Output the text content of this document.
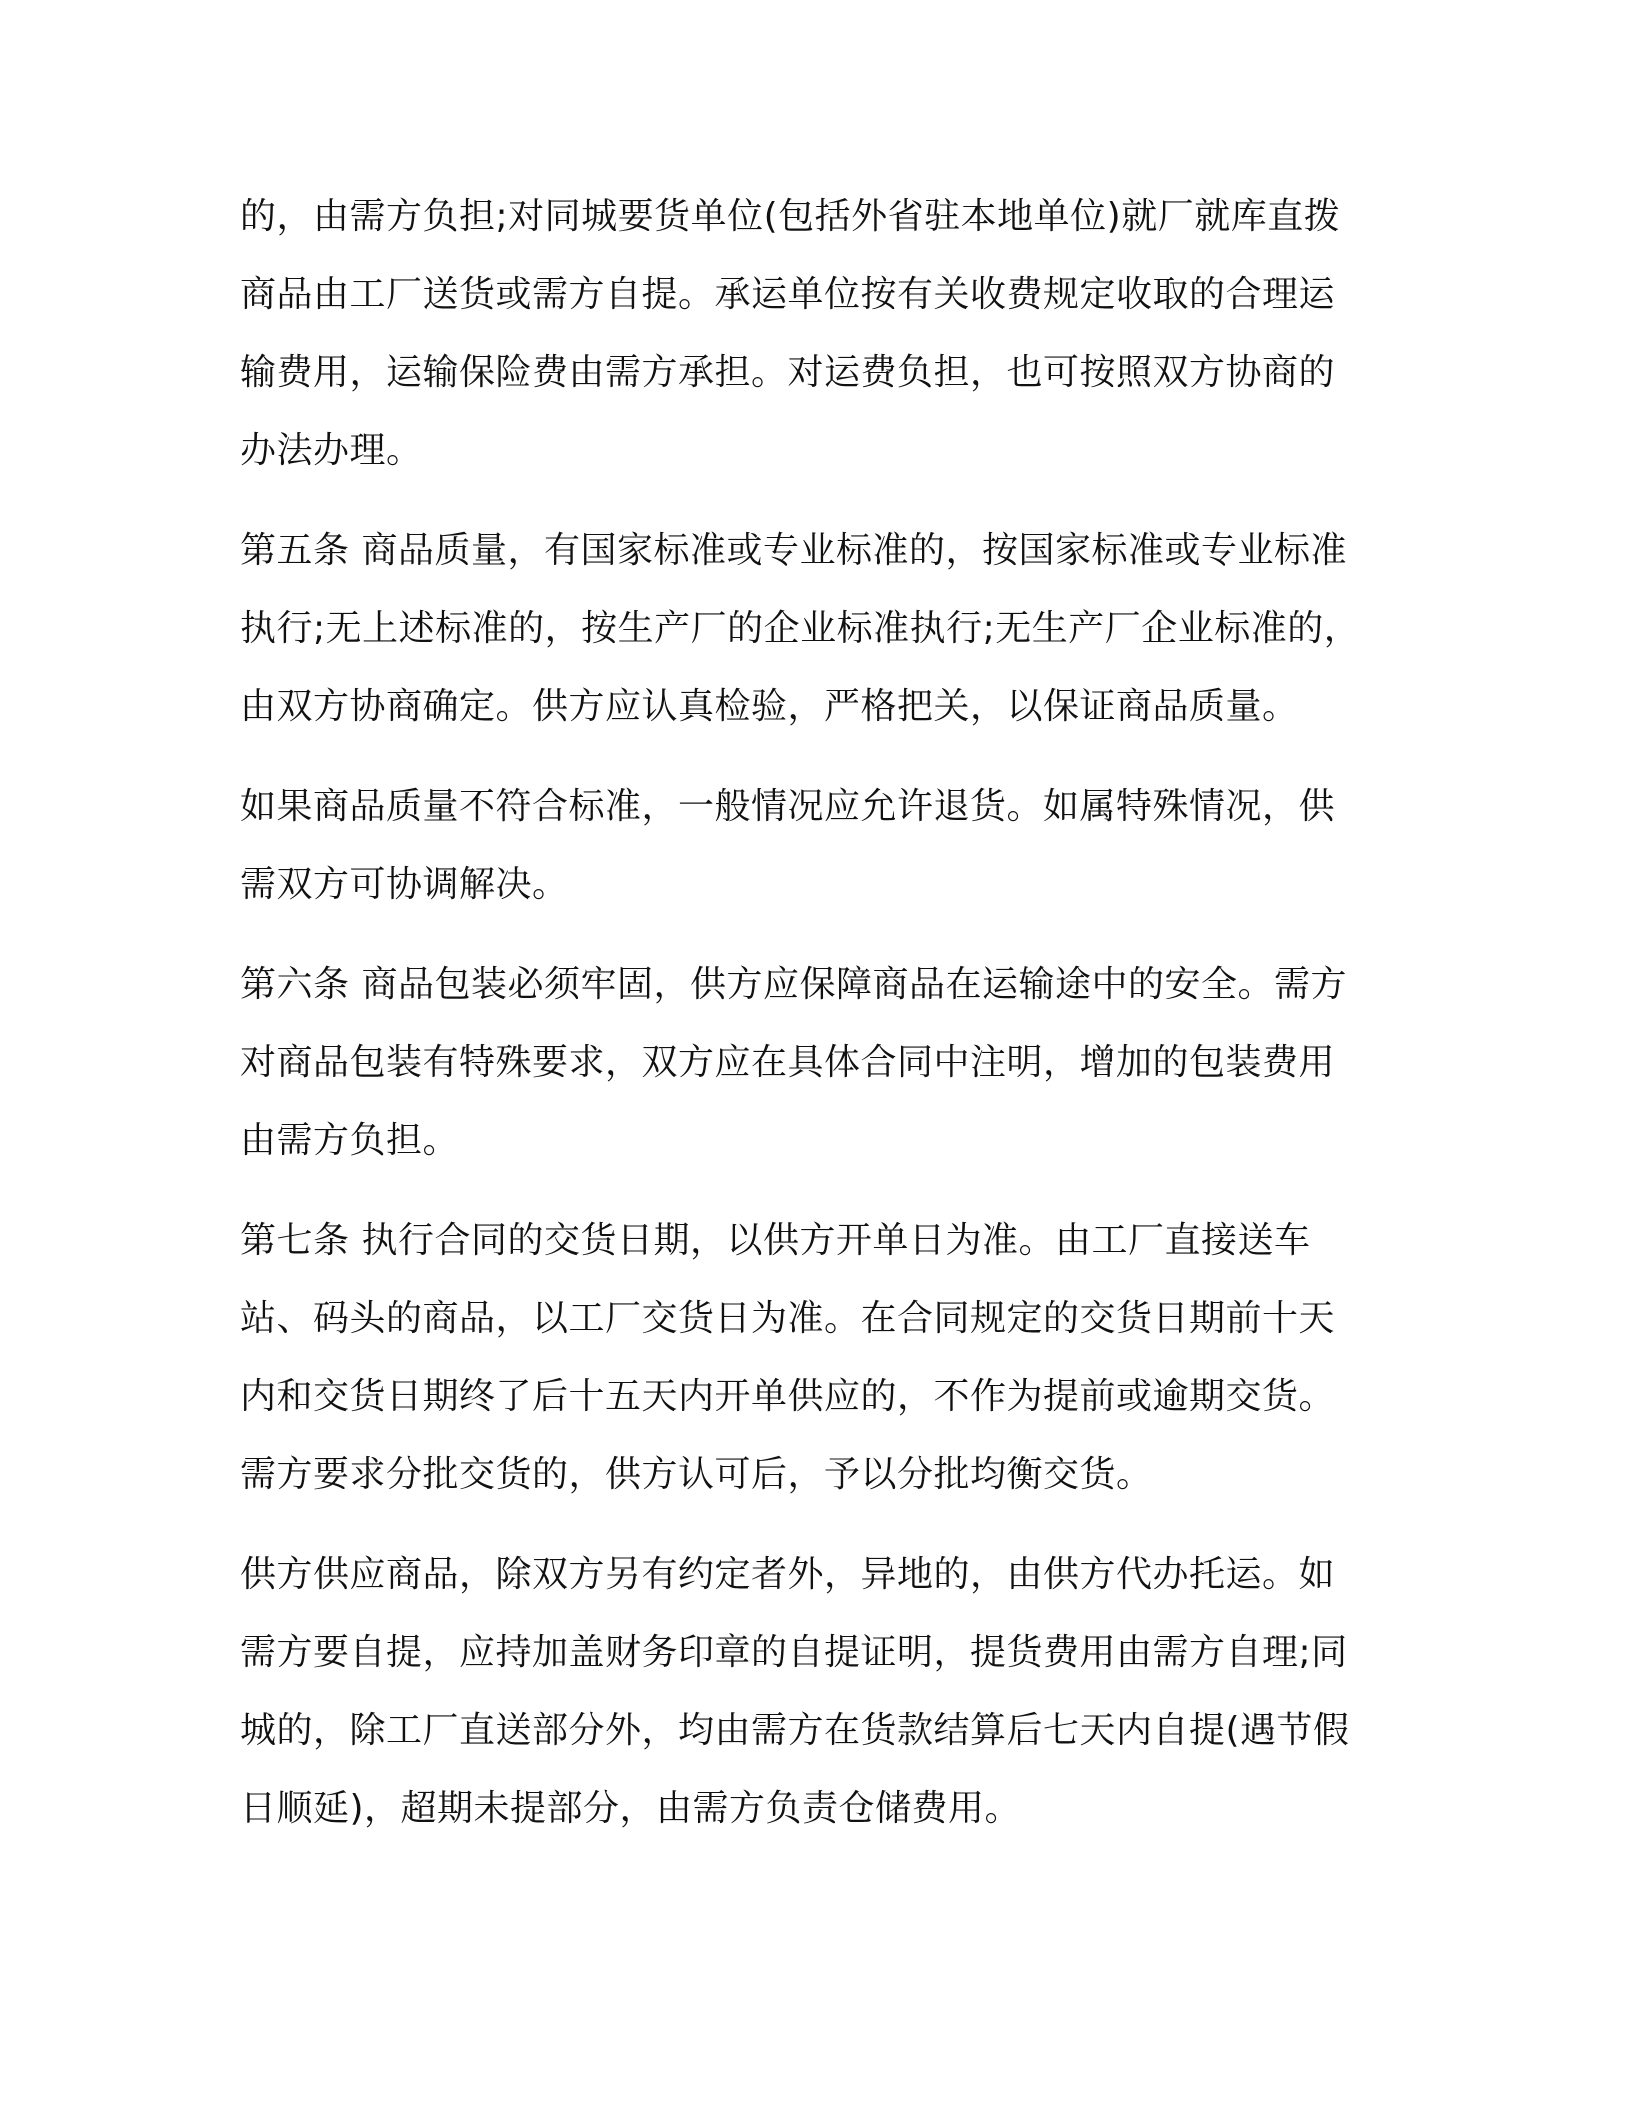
的，由需方负担;对同城要货单位(包括外省驻本地单位)就厂就库直拨
商品由工厂送货或需方自提。承运单位按有关收费规定收取的合理运
输费用，运输保险费由需方承担。对运费负担，也可按照双方协商的
办法办理。
第五条 商品质量，有国家标准或专业标准的，按国家标准或专业标准
执行;无上述标准的，按生产厂的企业标准执行;无生产厂企业标准的，
由双方协商确定。供方应认真检验，严格把关，以保证商品质量。
如果商品质量不符合标准，一般情况应允许退货。如属特殊情况，供
需双方可协调解决。
第六条 商品包装必须牢固，供方应保障商品在运输途中的安全。需方
对商品包装有特殊要求，双方应在具体合同中注明，增加的包装费用
由需方负担。
第七条 执行合同的交货日期，以供方开单日为准。由工厂直接送车
站、码头的商品，以工厂交货日为准。在合同规定的交货日期前十天
内和交货日期终了后十五天内开单供应的，不作为提前或逾期交货。
需方要求分批交货的，供方认可后，予以分批均衡交货。
供方供应商品，除双方另有约定者外，异地的，由供方代办托运。如
需方要自提，应持加盖财务印章的自提证明，提货费用由需方自理;同
城的，除工厂直送部分外，均由需方在货款结算后七天内自提(遇节假
日顺延)，超期未提部分，由需方负责仓储费用。
